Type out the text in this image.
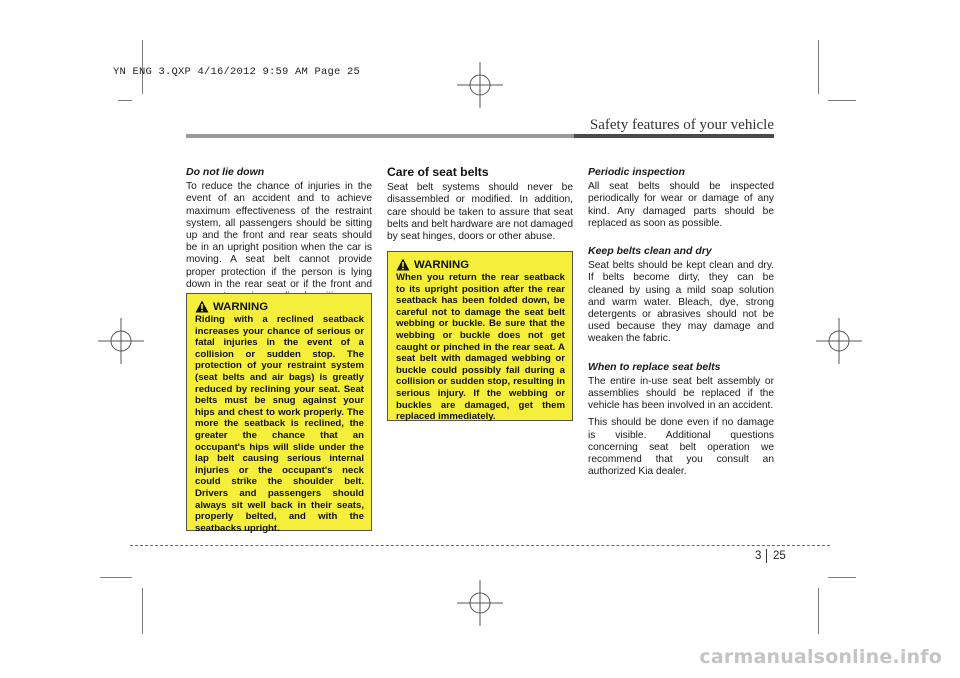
YN ENG 3.QXP 4/16/2012 9:59 AM Page 25
Safety features of your vehicle
Do not lie down

To reduce the chance of injuries in the event of an accident and to achieve maximum effectiveness of the restraint system, all passengers should be sitting up and the front and rear seats should be in an upright position when the car is moving. A seat belt cannot provide proper protection if the person is lying down in the rear seat or if the front and

WARNING

Riding with a reclined seatback increases your chance of serious or fatal injuries in the event of a collision or sudden stop. The protection of your restraint system (seat belts and air bags) is greatly reduced by reclining your seat. Seat belts must be snug against your hips and chest to work properly. The more the seatback is reclined, the greater the chance that an occupant's hips will slide under the lap belt causing serious internal injuries or the occupant's neck could strike the shoulder belt. Drivers and passengers should always sit well back in their seats, properly belted, and with the seatbacks upright.

Care of seat belts

Seat belt systems should never be disassembled or modified. In addition, care should be taken to assure that seat belts and belt hardware are not damaged by seat hinges, doors or other abuse.

WARNING

When you return the rear seatback to its upright position after the rear seatback has been folded down, be careful not to damage the seat belt webbing or buckle. Be sure that the webbing or buckle does not get caught or pinched in the rear seat. A seat belt with damaged webbing or buckle could possibly fail during a collision or sudden stop, resulting in serious injury. If the webbing or buckles are damaged, get them replaced immediately.

Periodic inspection

All seat belts should be inspected periodically for wear or damage of any kind. Any damaged parts should be replaced as soon as possible.

Keep belts clean and dry

Seat belts should be kept clean and dry. If belts become dirty, they can be cleaned by using a mild soap solution and warm water. Bleach, dye, strong detergents or abrasives should not be used because they may damage and weaken the fabric.

When to replace seat belts

The entire in-use seat belt assembly or assemblies should be replaced if the vehicle has been involved in an accident.

This should be done even if no damage is visible. Additional questions concerning seat belt operation we recommend that you consult an authorized Kia dealer.

3 25
carmanualsonline.info
